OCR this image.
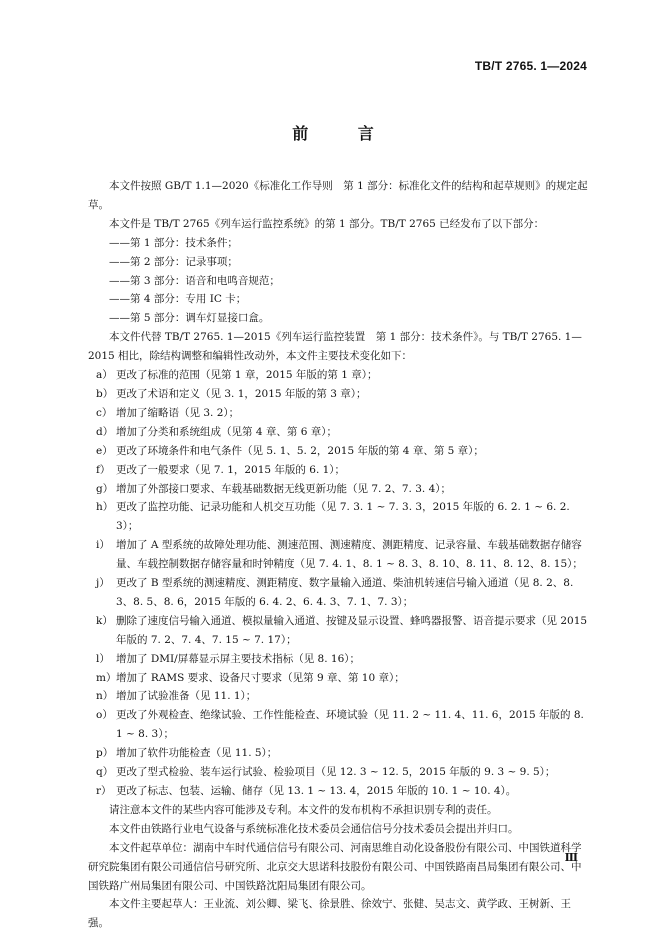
TB/T 2765. 1—2024
前 言

本文件按照 GB/T 1.1—2020《标准化工作导则　第 1 部分：标准化文件的结构和起草规则》的规定起草。

本文件是 TB/T 2765《列车运行监控系统》的第 1 部分。TB/T 2765 已经发布了以下部分：

——第 1 部分：技术条件；

——第 2 部分：记录事项；

——第 3 部分：语音和电鸣音规范；

——第 4 部分：专用 IC 卡；

——第 5 部分：调车灯显接口盒。

本文件代替 TB/T 2765. 1—2015《列车运行监控装置　第 1 部分：技术条件》。与 TB/T 2765. 1—2015 相比，除结构调整和编辑性改动外，本文件主要技术变化如下：

a） 更改了标准的范围（见第 1 章，2015 年版的第 1 章）；

b） 更改了术语和定义（见 3. 1，2015 年版的第 3 章）；

c） 增加了缩略语（见 3. 2）；

d） 增加了分类和系统组成（见第 4 章、第 6 章）；

e） 更改了环境条件和电气条件（见 5. 1、5. 2，2015 年版的第 4 章、第 5 章）；

f） 更改了一般要求（见 7. 1，2015 年版的 6. 1）；

g） 增加了外部接口要求、车载基础数据无线更新功能（见 7. 2、7. 3. 4）；

h） 更改了监控功能、记录功能和人机交互功能（见 7. 3. 1 ~ 7. 3. 3，2015 年版的 6. 2. 1 ~ 6. 2. 3）；

i） 增加了 A 型系统的故障处理功能、测速范围、测速精度、测距精度、记录容量、车载基础数据存储容量、车载控制数据存储容量和时钟精度（见 7. 4. 1、8. 1 ~ 8. 3、8. 10、8. 11、8. 12、8. 15）；

j） 更改了 B 型系统的测速精度、测距精度、数字量输入通道、柴油机转速信号输入通道（见 8. 2、8. 3、8. 5、8. 6，2015 年版的 6. 4. 2、6. 4. 3、7. 1、7. 3）；

k） 删除了速度信号输入通道、模拟量输入通道、按键及显示设置、蜂鸣器报警、语音提示要求（见 2015 年版的 7. 2、7. 4、7. 15 ~ 7. 17）；

l） 增加了 DMI/屏幕显示屏主要技术指标（见 8. 16）；

m） 增加了 RAMS 要求、设备尺寸要求（见第 9 章、第 10 章）；

n） 增加了试验准备（见 11. 1）；

o） 更改了外观检查、绝缘试验、工作性能检查、环境试验（见 11. 2 ~ 11. 4、11. 6，2015 年版的 8. 1 ~ 8. 3）；

p） 增加了软件功能检查（见 11. 5）；

q） 更改了型式检验、装车运行试验、检验项目（见 12. 3 ~ 12. 5，2015 年版的 9. 3 ~ 9. 5）；

r） 更改了标志、包装、运输、储存（见 13. 1 ~ 13. 4，2015 年版的 10. 1 ~ 10. 4）。

请注意本文件的某些内容可能涉及专利。本文件的发布机构不承担识别专利的责任。

本文件由铁路行业电气设备与系统标准化技术委员会通信信号分技术委员会提出并归口。

本文件起草单位：湖南中车时代通信信号有限公司、河南思维自动化设备股份有限公司、中国铁道科学研究院集团有限公司通信信号研究所、北京交大思诺科技股份有限公司、中国铁路南昌局集团有限公司、中国铁路广州局集团有限公司、中国铁路沈阳局集团有限公司。

本文件主要起草人：王业流、刘公卿、梁飞、徐景胜、徐效宁、张健、吴志文、黄学政、王树新、王强。

Ⅲ
